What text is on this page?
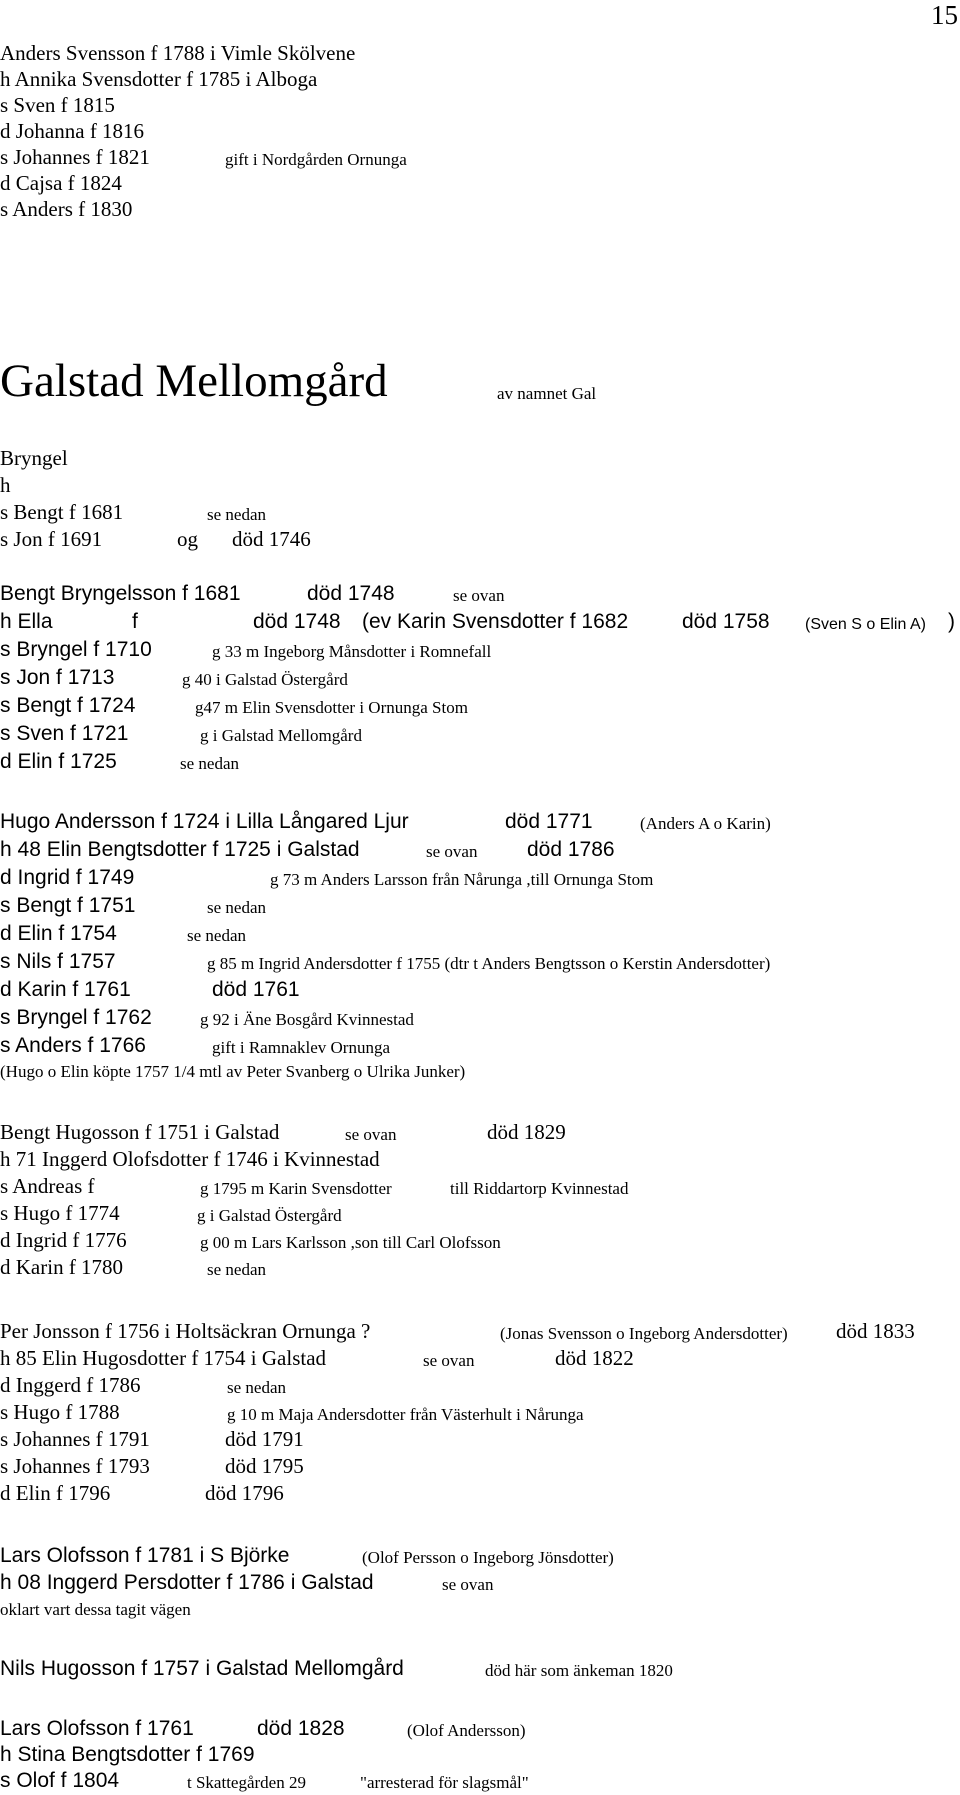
15
Anders Svensson f 1788 i Vimle Skölvene
h Annika Svensdotter f 1785 i Alboga
s Sven f 1815
d Johanna f 1816
s Johannes f 1821	gift i Nordgården Ornunga
d Cajsa f 1824
s Anders f 1830
Galstad Mellomgård	av namnet Gal
Bryngel
h
s Bengt f 1681	se nedan
s Jon f 1691	og död 1746
Bengt Bryngelsson f 1681	död 1748	se ovan
h Ella	f	död 1748 (ev Karin Svensdotter f 1682	död 1758 (Sven S o Elin A) )
s Bryngel f 1710	g 33 m Ingeborg Månsdotter i Romnefall
s Jon f 1713	g 40 i Galstad Östergård
s Bengt f 1724	g47 m Elin Svensdotter i Ornunga Stom
s Sven f 1721	g i Galstad Mellomgård
d Elin f 1725	se nedan
Hugo Andersson f 1724 i Lilla Långared Ljur	död 1771	(Anders A o Karin)
h 48 Elin Bengtsdotter f 1725 i Galstad	se ovan död 1786
d Ingrid f 1749	g 73 m Anders Larsson från Nårunga ,till Ornunga Stom
s Bengt f 1751	se nedan
d Elin f 1754	se nedan
s Nils f 1757	g 85 m Ingrid Andersdotter f 1755 (dtr t Anders Bengtsson o Kerstin Andersdotter)
d Karin f 1761	död 1761
s Bryngel f 1762	g 92 i Äne Bosgård Kvinnestad
s Anders f 1766	gift i Ramnaklev Ornunga
(Hugo o Elin köpte 1757 1/4 mtl av Peter Svanberg o Ulrika Junker)
Bengt Hugosson f 1751 i Galstad	se ovan	död 1829
h 71 Inggerd Olofsdotter f 1746 i Kvinnestad
s Andreas f	g 1795 m Karin Svensdotter	till Riddartorp Kvinnestad
s Hugo f 1774	g i Galstad Östergård
d Ingrid f 1776	g 00 m Lars Karlsson ,son till Carl Olofsson
d Karin f 1780	se nedan
Per Jonsson f 1756 i Holtsäckran Ornunga ?	(Jonas Svensson o Ingeborg Andersdotter) död 1833
h 85 Elin Hugosdotter f 1754 i Galstad	se ovan	död 1822
d Inggerd f 1786	se nedan
s Hugo f 1788	g 10 m Maja Andersdotter från Västerhult i Nårunga
s Johannes f 1791	död 1791
s Johannes f 1793	död 1795
d Elin f 1796	död 1796
Lars Olofsson f 1781 i S Björke	(Olof Persson o Ingeborg Jönsdotter)
h 08 Inggerd Persdotter f 1786 i Galstad	se ovan
oklart vart dessa tagit vägen
Nils Hugosson f 1757 i Galstad Mellomgård	död här som änkeman 1820
Lars Olofsson f 1761	död 1828	(Olof Andersson)
h Stina Bengtsdotter f 1769
s Olof f 1804	t Skattegården 29	"arresterad för slagsmål"
